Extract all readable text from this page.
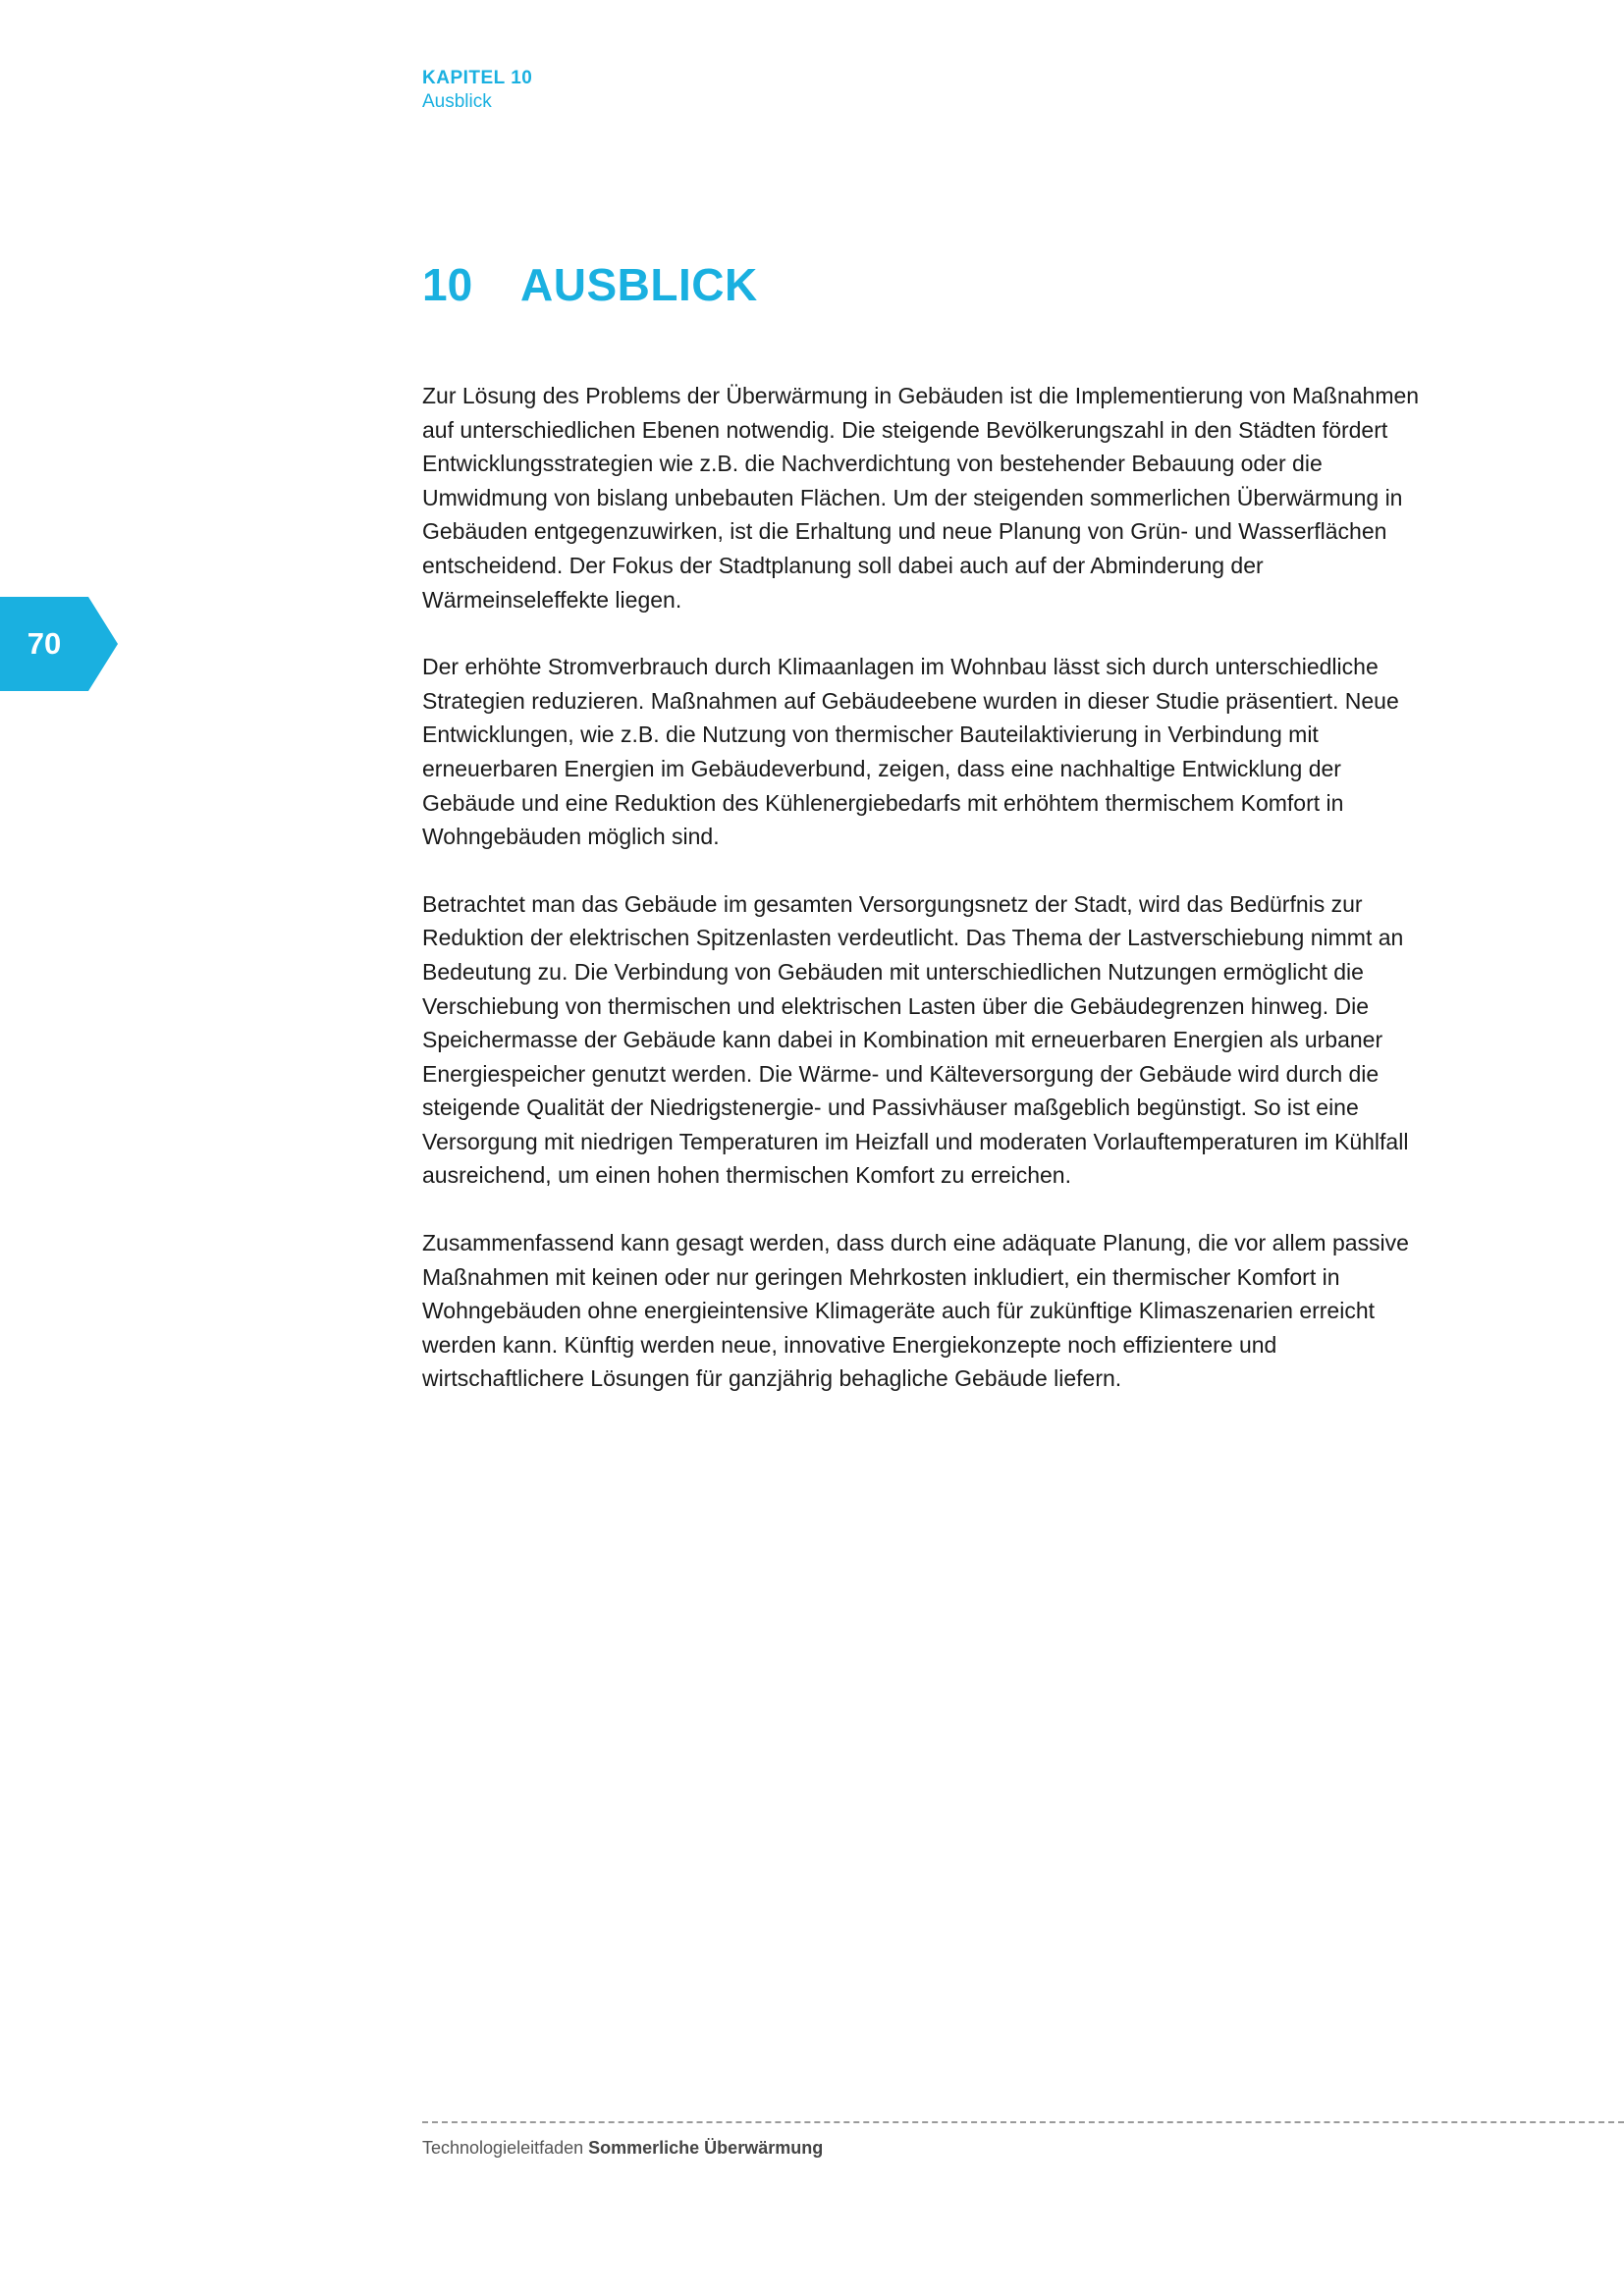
KAPITEL 10
Ausblick
70
10	AUSBLICK

Zur Lösung des Problems der Überwärmung in Gebäuden ist die Implementierung von Maßnahmen auf unterschiedlichen Ebenen notwendig. Die steigende Bevölkerungszahl in den Städten fördert Entwicklungsstrategien wie z.B. die Nachverdichtung von bestehender Bebauung oder die Umwidmung von bislang unbebauten Flächen. Um der steigenden sommerlichen Überwärmung in Gebäuden entgegenzuwirken, ist die Erhaltung und neue Planung von Grün- und Wasserflächen entscheidend. Der Fokus der Stadtplanung soll dabei auch auf der Abminderung der Wärmeinseleffekte liegen.

Der erhöhte Stromverbrauch durch Klimaanlagen im Wohnbau lässt sich durch unterschiedliche Strategien reduzieren. Maßnahmen auf Gebäudeebene wurden in dieser Studie präsentiert. Neue Entwicklungen, wie z.B. die Nutzung von thermischer Bauteilaktivierung in Verbindung mit erneuerbaren Energien im Gebäudeverbund, zeigen, dass eine nachhaltige Entwicklung der Gebäude und eine Reduktion des Kühlenergiebedarfs mit erhöhtem thermischem Komfort in Wohngebäuden möglich sind.

Betrachtet man das Gebäude im gesamten Versorgungsnetz der Stadt, wird das Bedürfnis zur Reduktion der elektrischen Spitzenlasten verdeutlicht. Das Thema der Lastverschiebung nimmt an Bedeutung zu. Die Verbindung von Gebäuden mit unterschiedlichen Nutzungen ermöglicht die Verschiebung von thermischen und elektrischen Lasten über die Gebäudegrenzen hinweg. Die Speichermasse der Gebäude kann dabei in Kombination mit erneuerbaren Energien als urbaner Energiespeicher genutzt werden. Die Wärme- und Kälteversorgung der Gebäude wird durch die steigende Qualität der Niedrigstenergie- und Passivhäuser maßgeblich begünstigt. So ist eine Versorgung mit niedrigen Temperaturen im Heizfall und moderaten Vorlauftemperaturen im Kühlfall ausreichend, um einen hohen thermischen Komfort zu erreichen.

Zusammenfassend kann gesagt werden, dass durch eine adäquate Planung, die vor allem passive Maßnahmen mit keinen oder nur geringen Mehrkosten inkludiert, ein thermischer Komfort in Wohngebäuden ohne energieintensive Klimageräte auch für zukünftige Klimaszenarien erreicht werden kann. Künftig werden neue, innovative Energiekonzepte noch effizientere und wirtschaftlichere Lösungen für ganzjährig behagliche Gebäude liefern.

Technologieleitfaden Sommerliche Überwärmung
